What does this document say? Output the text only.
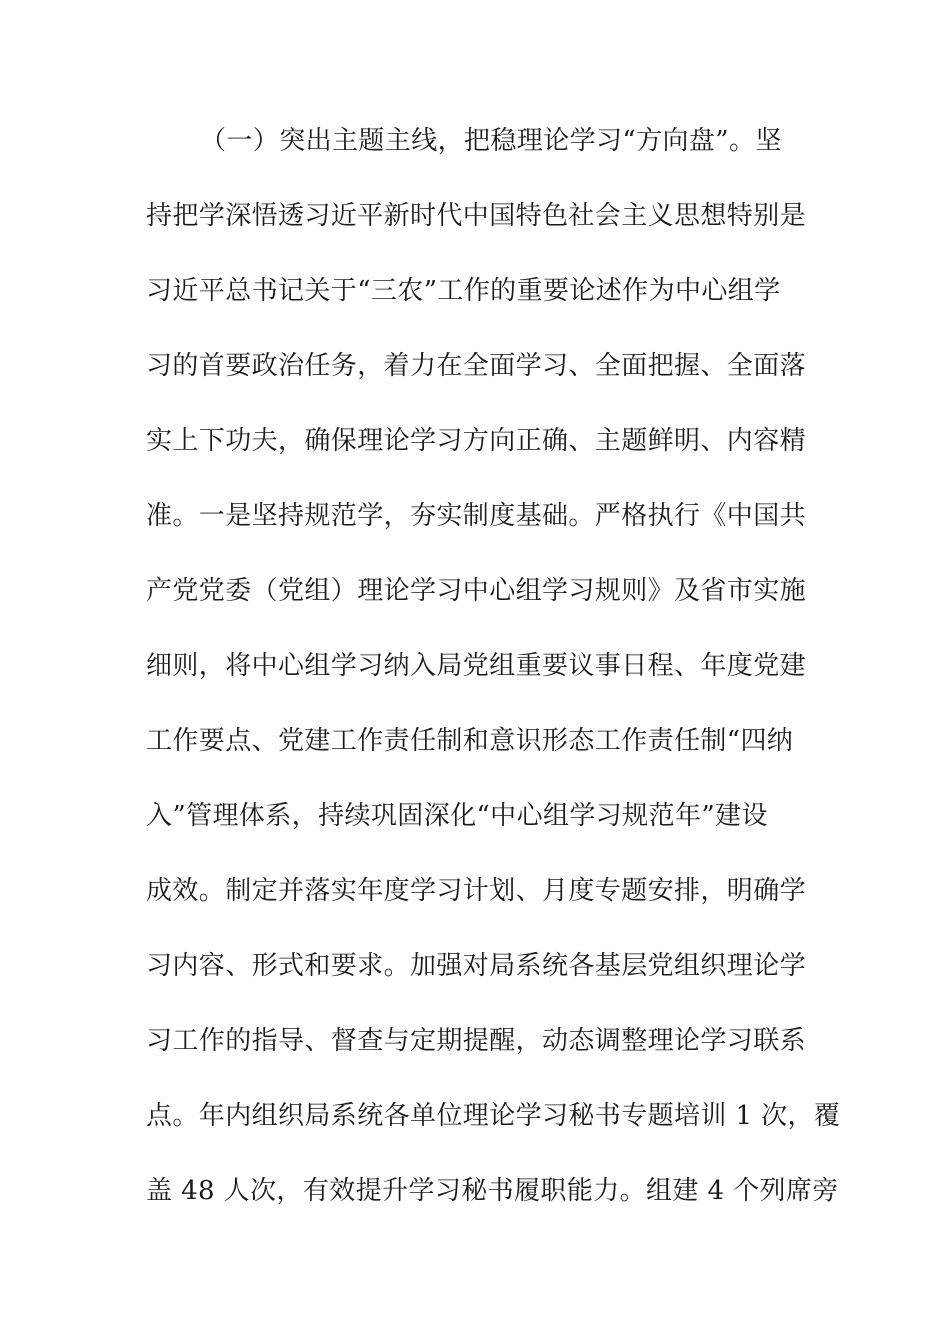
（一）突出主题主线，把稳理论学习“方向盘”。坚
持把学深悟透习近平新时代中国特色社会主义思想特别是
习近平总书记关于“三农”工作的重要论述作为中心组学
习的首要政治任务，着力在全面学习、全面把握、全面落
实上下功夫，确保理论学习方向正确、主题鲜明、内容精
准。一是坚持规范学，夯实制度基础。严格执行《中国共
产党党委（党组）理论学习中心组学习规则》及省市实施
细则，将中心组学习纳入局党组重要议事日程、年度党建
工作要点、党建工作责任制和意识形态工作责任制“四纳
入”管理体系，持续巩固深化“中心组学习规范年”建设
成效。制定并落实年度学习计划、月度专题安排，明确学
习内容、形式和要求。加强对局系统各基层党组织理论学
习工作的指导、督查与定期提醒，动态调整理论学习联系
点。年内组织局系统各单位理论学习秘书专题培训 1 次，覆
盖 48 人次，有效提升学习秘书履职能力。组建 4 个列席旁
